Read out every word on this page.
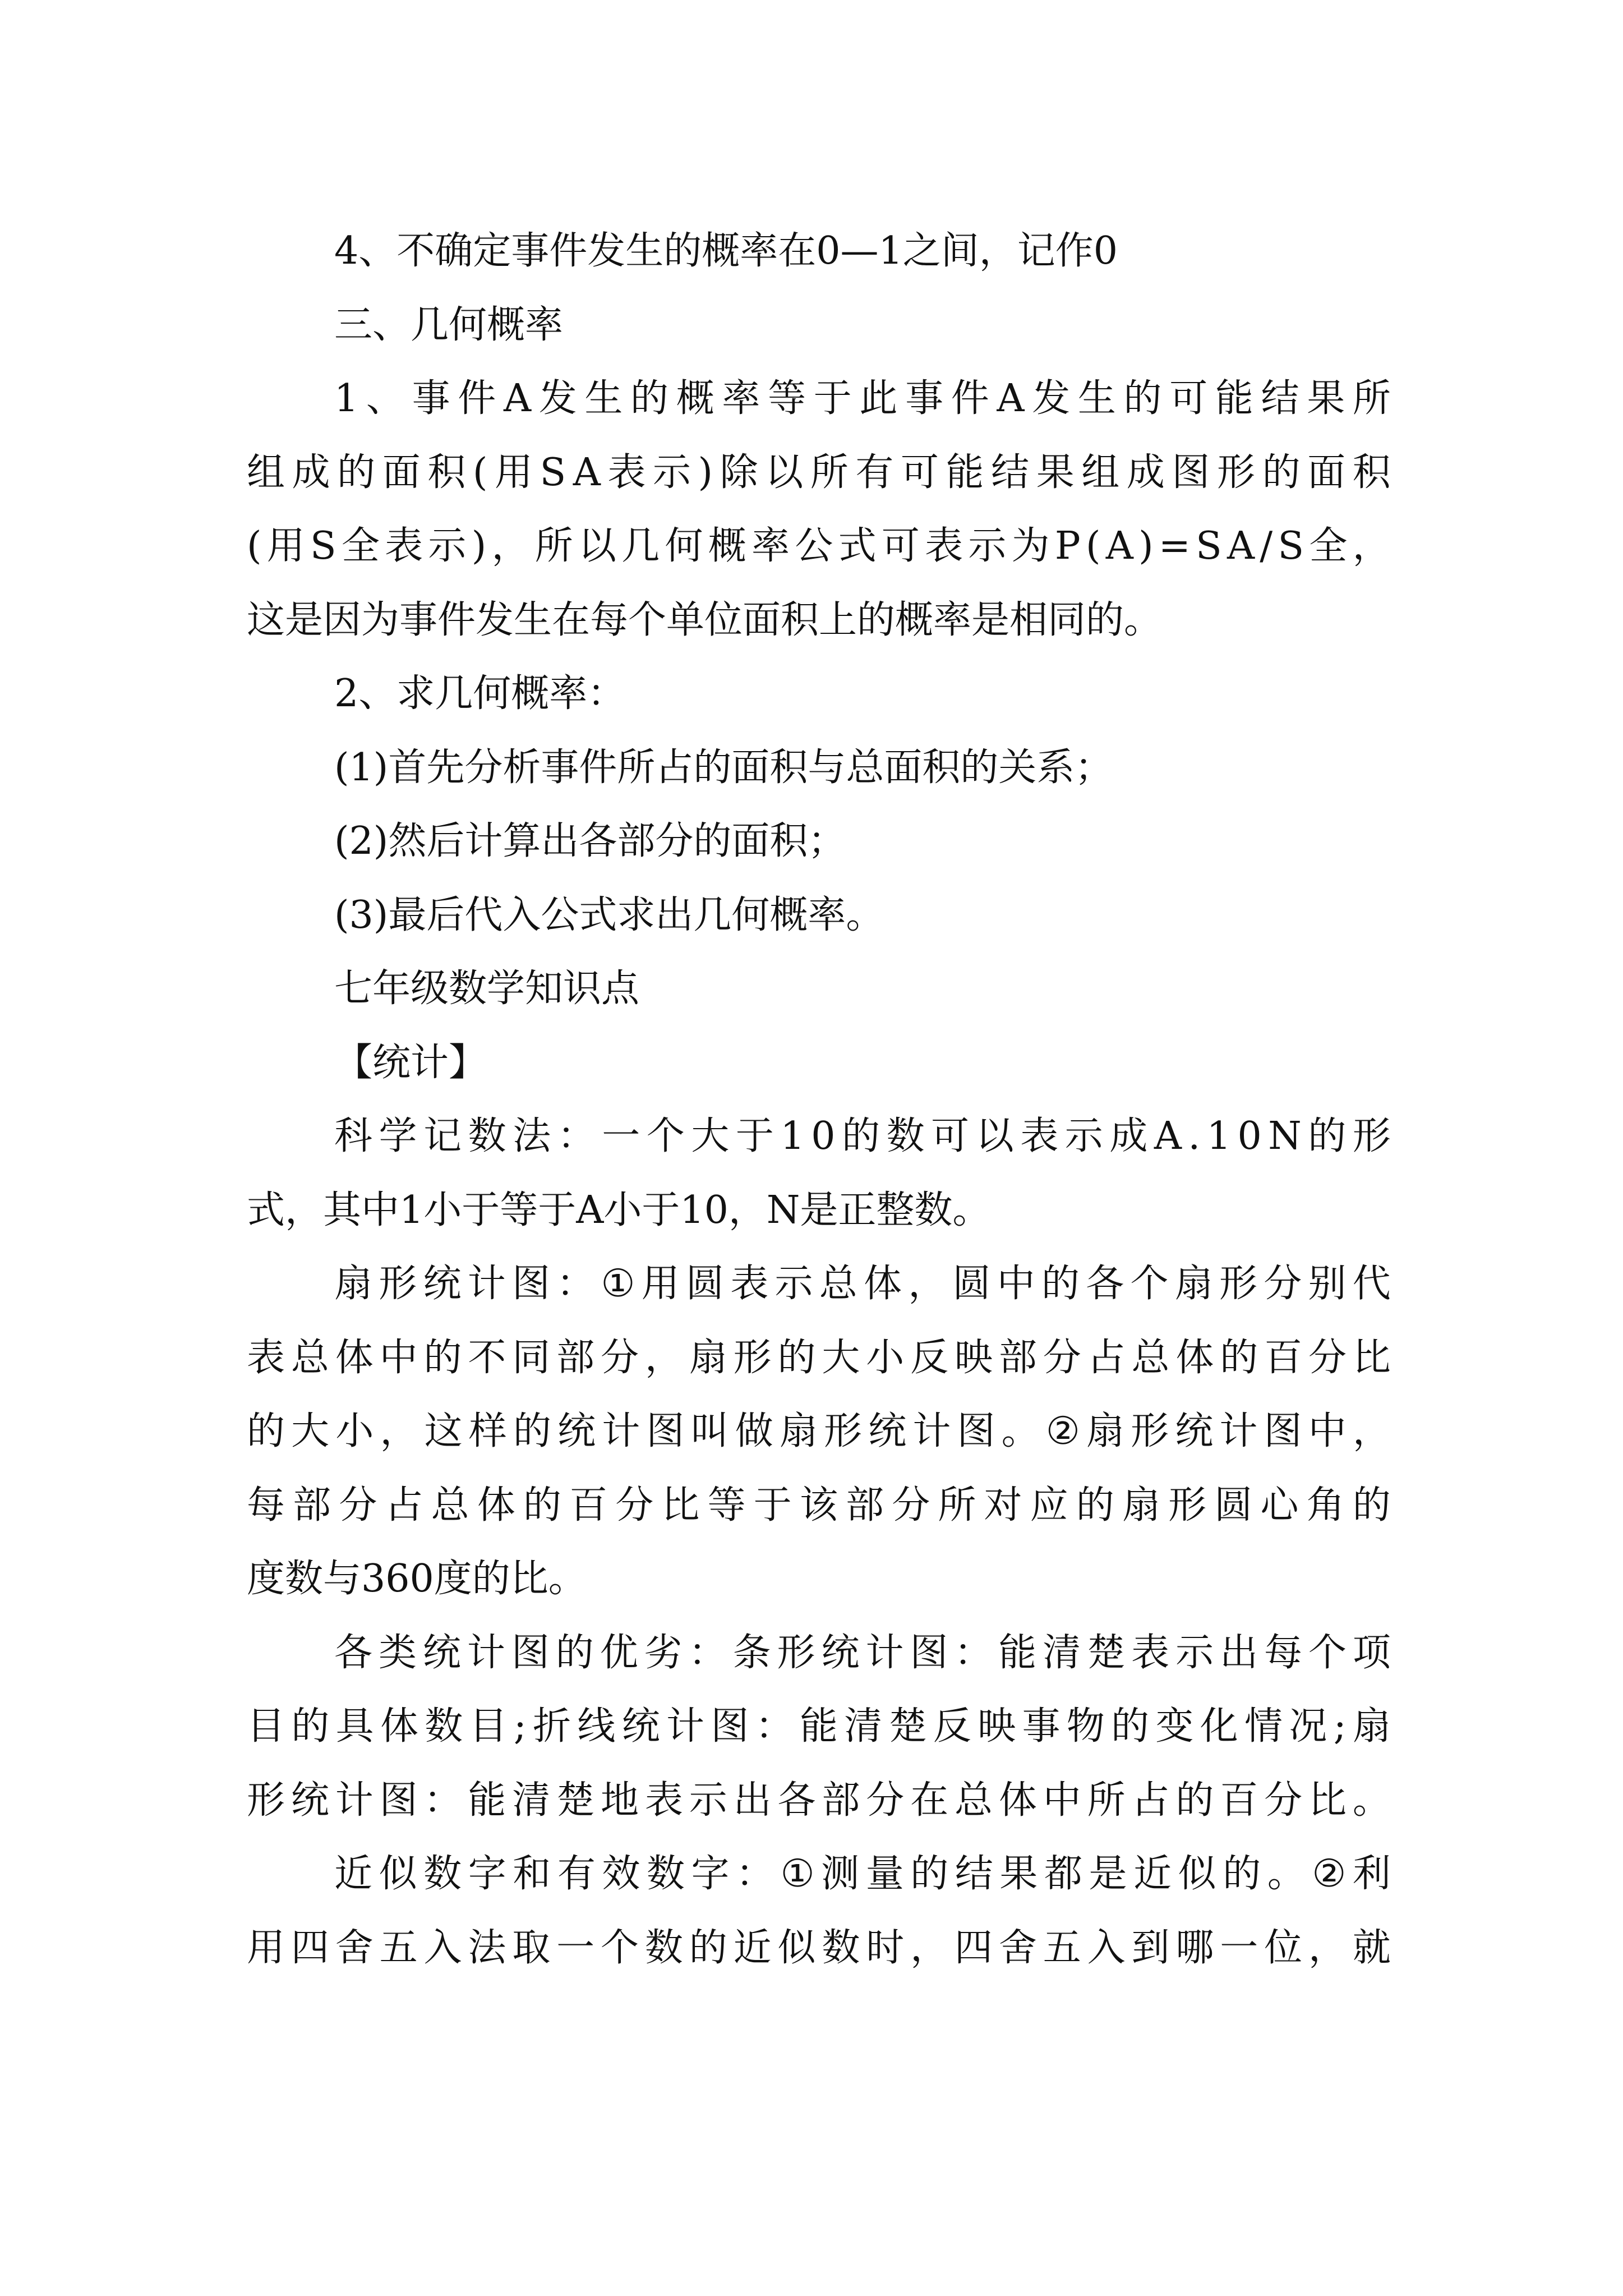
4、不确定事件发生的概率在0—1之间，记作0
三、几何概率
1 、 事 件 A 发 生 的 概 率 等 于 此 事 件 A 发 生 的 可 能 结 果 所
组 成 的 面 积 ( 用 S A 表 示 ) 除 以 所 有 可 能 结 果 组 成 图 形 的 面 积
( 用 S 全 表 示 ) ， 所 以 几 何 概 率 公 式 可 表 示 为 P ( A ) = S A / S 全 ，
这是因为事件发生在每个单位面积上的概率是相同的。
2、求几何概率：
(1)首先分析事件所占的面积与总面积的关系；
(2)然后计算出各部分的面积；
(3)最后代入公式求出几何概率。
七年级数学知识点
【统计】
科 学 记 数 法 ： 一 个 大 于 1 0 的 数 可 以 表 示 成 A . 1 0 N 的 形
式，其中1小于等于A小于10，N是正整数。
扇 形 统 计 图 ： ① 用 圆 表 示 总 体 ， 圆 中 的 各 个 扇 形 分 别 代
表 总 体 中 的 不 同 部 分 ， 扇 形 的 大 小 反 映 部 分 占 总 体 的 百 分 比
的 大 小 ， 这 样 的 统 计 图 叫 做 扇 形 统 计 图 。 ② 扇 形 统 计 图 中 ，
每 部 分 占 总 体 的 百 分 比 等 于 该 部 分 所 对 应 的 扇 形 圆 心 角 的
度数与360度的比。
各 类 统 计 图 的 优 劣 ： 条 形 统 计 图 ： 能 清 楚 表 示 出 每 个 项
目 的 具 体 数 目 ; 折 线 统 计 图 ： 能 清 楚 反 映 事 物 的 变 化 情 况 ; 扇
形 统 计 图 ： 能 清 楚 地 表 示 出 各 部 分 在 总 体 中 所 占 的 百 分 比 。
近 似 数 字 和 有 效 数 字 ： ① 测 量 的 结 果 都 是 近 似 的 。 ② 利
用 四 舍 五 入 法 取 一 个 数 的 近 似 数 时 ， 四 舍 五 入 到 哪 一 位 ， 就
